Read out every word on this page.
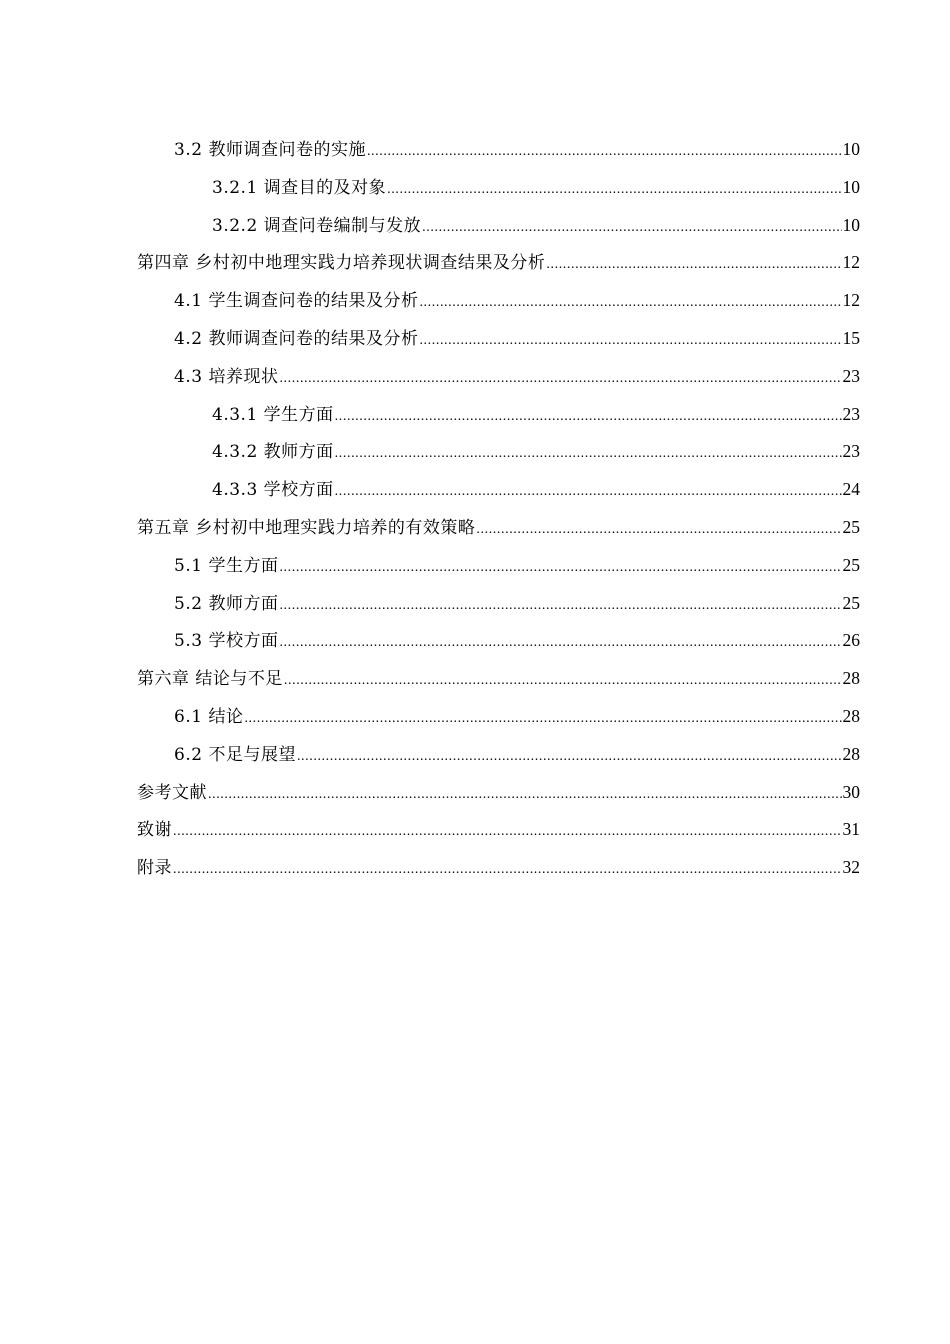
3.2 教师调查问卷的实施 .....	10
3.2.1 调查目的及对象 .....	10
3.2.2 调查问卷编制与发放 .....	10
第四章 乡村初中地理实践力培养现状调查结果及分析 .....	12
4.1 学生调查问卷的结果及分析 .....	12
4.2 教师调查问卷的结果及分析 .....	15
4.3 培养现状 .....	23
4.3.1 学生方面 .....	23
4.3.2 教师方面 .....	23
4.3.3 学校方面 .....	24
第五章 乡村初中地理实践力培养的有效策略 .....	25
5.1 学生方面 .....	25
5.2 教师方面 .....	25
5.3 学校方面 .....	26
第六章 结论与不足 .....	28
6.1 结论 .....	28
6.2 不足与展望 .....	28
参考文献 .....	30
致谢 .....	31
附录 .....	32
